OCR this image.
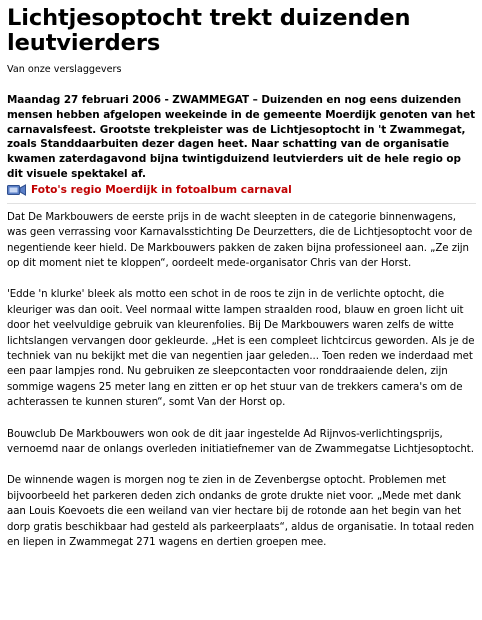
Lichtjesoptocht trekt duizenden leutvierders
Van onze verslaggevers
Maandag 27 februari 2006 - ZWAMMEGAT – Duizenden en nog eens duizenden mensen hebben afgelopen weekeinde in de gemeente Moerdijk genoten van het carnavalsfeest. Grootste trekpleister was de Lichtjesoptocht in 't Zwammegat, zoals Standdaarbuiten dezer dagen heet. Naar schatting van de organisatie kwamen zaterdagavond bijna twintigduizend leutvierders uit de hele regio op dit visuele spektakel af.
Foto's regio Moerdijk in fotoalbum carnaval

Dat De Markbouwers de eerste prijs in de wacht sleepten in de categorie binnenwagens, was geen verrassing voor Karnavalsstichting De Deurzetters, die de Lichtjesoptocht voor de negentiende keer hield. De Markbouwers pakken de zaken bijna professioneel aan. „Ze zijn op dit moment niet te kloppen“, oordeelt mede-organisator Chris van der Horst.

'Edde 'n klurke' bleek als motto een schot in de roos te zijn in de verlichte optocht, die kleuriger was dan ooit. Veel normaal witte lampen straalden rood, blauw en groen licht uit door het veelvuldige gebruik van kleurenfolies. Bij De Markbouwers waren zelfs de witte lichtslangen vervangen door gekleurde. „Het is een compleet lichtcircus geworden. Als je de techniek van nu bekijkt met die van negentien jaar geleden... Toen reden we inderdaad met een paar lampjes rond. Nu gebruiken ze sleepcontacten voor ronddraaiende delen, zijn sommige wagens 25 meter lang en zitten er op het stuur van de trekkers camera's om de achterassen te kunnen sturen“, somt Van der Horst op.

Bouwclub De Markbouwers won ook de dit jaar ingestelde Ad Rijnvos-verlichtingsprijs, vernoemd naar de onlangs overleden initiatiefnemer van de Zwammegatse Lichtjesoptocht.

De winnende wagen is morgen nog te zien in de Zevenbergse optocht. Problemen met bijvoorbeeld het parkeren deden zich ondanks de grote drukte niet voor. „Mede met dank aan Louis Koevoets die een weiland van vier hectare bij de rotonde aan het begin van het dorp gratis beschikbaar had gesteld als parkeerplaats“, aldus de organisatie. In totaal reden en liepen in Zwammegat 271 wagens en dertien groepen mee.
